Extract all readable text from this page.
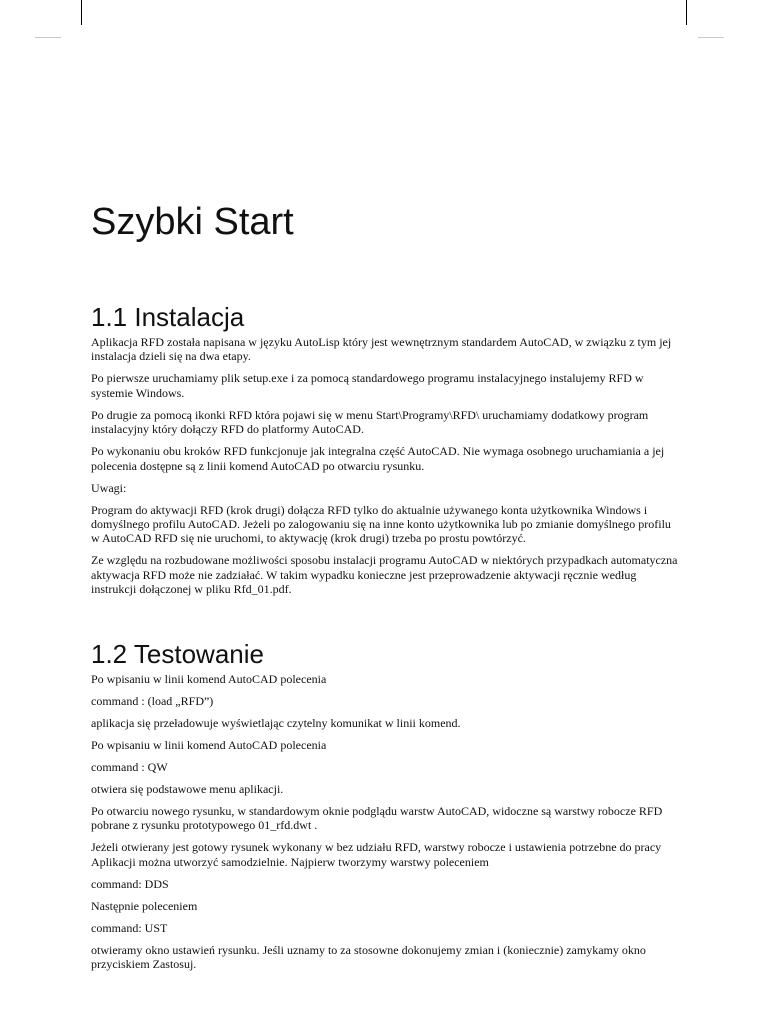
Szybki Start
1.1 Instalacja

Aplikacja RFD została napisana w języku AutoLisp który jest wewnętrznym standardem AutoCAD, w związku z tym jej instalacja dzieli się na dwa etapy.

Po pierwsze uruchamiamy plik setup.exe i za pomocą standardowego programu instalacyjnego instalujemy RFD w systemie Windows.

Po drugie za pomocą ikonki RFD która pojawi się w menu Start\Programy\RFD\ uruchamiamy dodatkowy program instalacyjny który dołączy RFD do platformy AutoCAD.

Po wykonaniu obu kroków RFD funkcjonuje jak integralna część AutoCAD. Nie wymaga osobnego uruchamiania a jej polecenia dostępne są z linii komend AutoCAD po otwarciu rysunku.

Uwagi:

Program do aktywacji RFD (krok drugi) dołącza RFD tylko do aktualnie używanego konta użytkownika Windows i domyślnego profilu AutoCAD. Jeżeli po zalogowaniu się na inne konto użytkownika lub po zmianie domyślnego profilu w AutoCAD RFD się nie uruchomi, to aktywację (krok drugi) trzeba po prostu powtórzyć.

Ze względu na rozbudowane możliwości sposobu instalacji programu AutoCAD w niektórych przypadkach automatyczna aktywacja RFD może nie zadziałać. W takim wypadku konieczne jest przeprowadzenie aktywacji ręcznie według instrukcji dołączonej w pliku Rfd_01.pdf.

1.2 Testowanie

Po wpisaniu w linii komend AutoCAD polecenia

command : (load „RFD”)

aplikacja się przeładowuje wyświetlając czytelny komunikat w linii komend.

Po wpisaniu w linii komend AutoCAD polecenia

command : QW

otwiera się podstawowe menu aplikacji.

Po otwarciu nowego rysunku, w standardowym oknie podglądu warstw AutoCAD, widoczne są warstwy robocze RFD pobrane z rysunku prototypowego 01_rfd.dwt .

Jeżeli otwierany jest gotowy rysunek wykonany w bez udziału RFD, warstwy robocze i ustawienia potrzebne do pracy Aplikacji można utworzyć samodzielnie. Najpierw tworzymy warstwy poleceniem

command: DDS

Następnie poleceniem

command: UST

otwieramy okno ustawień rysunku. Jeśli uznamy to za stosowne dokonujemy zmian i (koniecznie) zamykamy okno przyciskiem Zastosuj.
